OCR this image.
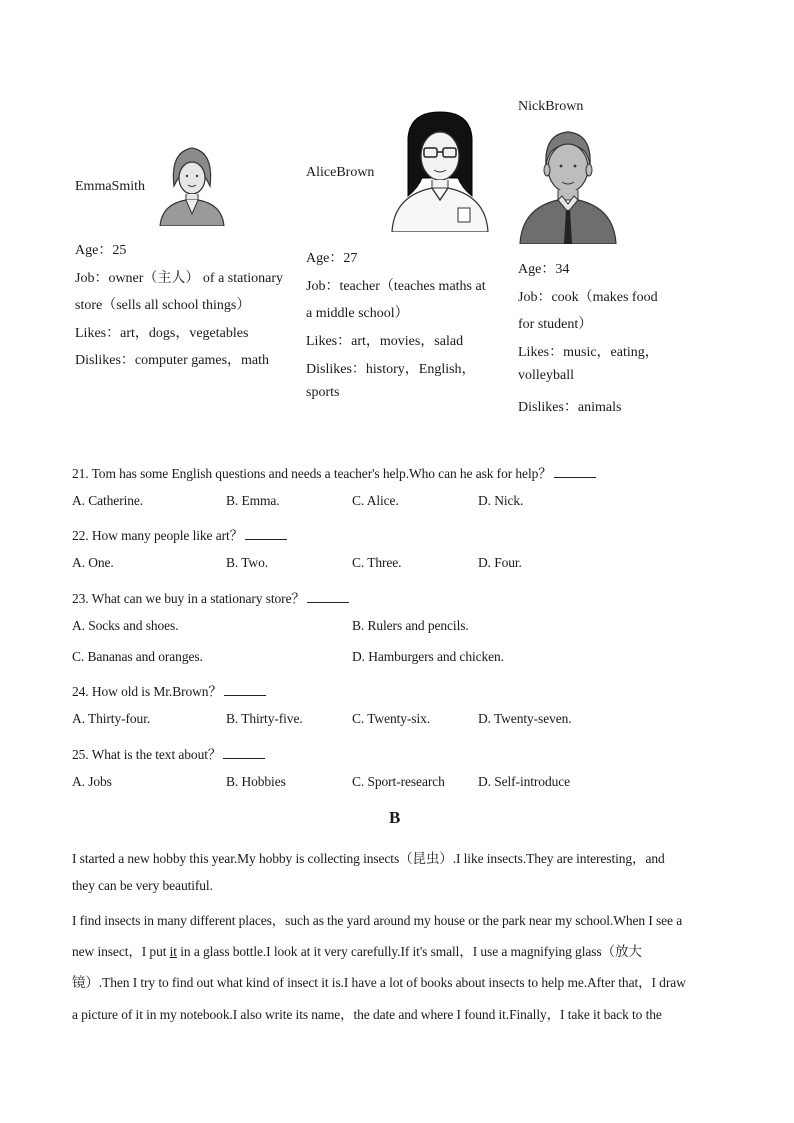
EmmaSmith
Age：25
Job：owner（主人） of a stationary
store（sells all school things）
Likes：art，dogs，vegetables
Dislikes：computer games，math
AliceBrown
Age：27
Job：teacher（teaches maths at
a middle school）
Likes：art，movies，salad
Dislikes：history，English，
sports
NickBrown
Age：34
Job：cook（makes food
for student）
Likes：music，eating，
volleyball
Dislikes：animals
21. Tom has some English questions and needs a teacher's help.Who can he ask for help？
A. Catherine.	B. Emma.	C. Alice.	D. Nick.
22. How many people like art？
A. One.	B. Two.	C. Three.	D. Four.
23. What can we buy in a stationary store？
A. Socks and shoes.	B. Rulers and pencils.
C. Bananas and oranges.	D. Hamburgers and chicken.
24. How old is Mr.Brown？
A. Thirty-four.	B. Thirty-five.	C. Twenty-six.	D. Twenty-seven.
25. What is the text about？
A. Jobs	B. Hobbies	C. Sport-research D. Self-introduce
B
I started a new hobby this year.My hobby is collecting insects（昆虫）.I like insects.They are interesting，and
they can be very beautiful.
I find insects in many different places，such as the yard around my house or the park near my school.When I see a
new insect，I put it in a glass bottle.I look at it very carefully.If it's small，I use a magnifying glass（放大
镜）.Then I try to find out what kind of insect it is.I have a lot of books about insects to help me.After that，I draw
a picture of it in my notebook.I also write its name，the date and where I found it.Finally，I take it back to the
